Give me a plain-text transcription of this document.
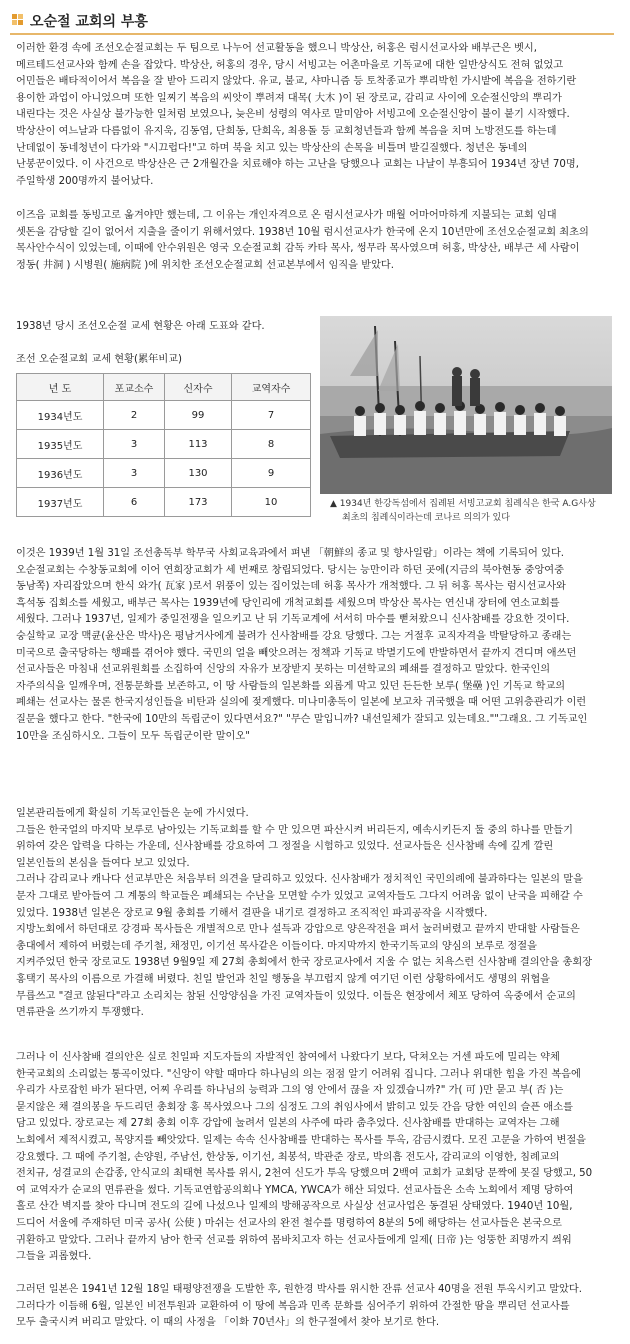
오순절 교회의 부흥

이러한 환경 속에 조선오순절교회는 두 팀으로 나누어 선교활동을 했으니 박상산, 허홍은 럼시선교사와 배부근은 벳시,

메르테드선교사와 함께 손을 잡았다. 박상산, 허홍의 경우, 당시 서빙고는 어촌마을로 기독교에 대한 일반상식도 전혀 없었고

어민들은 배타적이어서 복음을 잘 받아 드리지 않았다. 유교, 불교, 샤마니즘 등 토착종교가 뿌리박힌 가시밭에 복음을 전하기란

용이한 과업이 아니었으며 또한 일찌기 복음의 씨앗이 뿌려져 대목( 大木 )이 된 장로교, 감리교 사이에 오순절신앙의 뿌리가

내린다는 것은 사실상 불가능한 일처럼 보였으나, 늦은비 성령의 역사로 말미암아 서빙고에 오순절신앙이 불이 붙기 시작했다.

박상산이 여느날과 다름없이 유지욱, 김동엽, 단희동, 단희옥, 최용돌 등 교회청년들과 함께 복음을 치며 노방전도를 하는데

난데없이 동네청년이 다가와 "시끄럽다!"고 하며 북을 치고 있는 박상산의 손목을 비틀며 발길질했다. 청년은 동네의

난봉꾼이었다. 이 사건으로 박상산은 근 2개월간을 치료해야 하는 고난을 당했으나 교회는 나날이 부흥되어 1934년 장년 70명,

주일학생 200명까지 불어났다.

이즈음 교회를 동빙고로 옮겨야만 했는데, 그 이유는 개인자격으로 온 럼시선교사가 매월 어마어마하게 지불되는 교회 임대

셋돈을 감당할 길이 없어서 지출을 줄이기 위해서였다. 1938년 10월 럼시선교사가 한국에 온지 10년만에 조선오순절교회 최초의

목사안수식이 있었는데, 이때에 안수위원은 영국 오순절교회 감독 카타 목사, 썽무라 목사였으며 허홍, 박상산, 배부근 세 사람이

정동( 井洞 ) 시병원( 施病院 )에 위치한 조선오순절교회 선교본부에서 임직을 받았다.

1938년 당시 조선오순절 교세 현황은 아래 도표와 같다.
조선 오순절교회 교세 현황(累年비교)
년 도	포교소수	신자수	교역자수
1934년도	2	99	7
1935년도	3	113	8
1936년도	3	130	9
1937년도	6	173	10	▲ 1934년 한강독섬에서 집례된 서빙고교회 침례식은 한국 A.G사상

최초의 침례식이라는데 코나르 의의가 있다

이것은 1939년 1월 31일 조선총독부 학무국 사회교육과에서 펴낸 「朝鮮의 종교 및 향사일람」이라는 책에 기록되어 있다.

오순절교회는 수창동교회에 이어 연희장교회가 세 번째로 창립되었다. 당시는 능만이라 하던 곳에(지금의 북아현동 중앙여중

동남쪽) 자리잡았으며 한식 와가( 瓦家 )로서 위풍이 있는 집이었는데 허홍 목사가 개척했다. 그 뒤 허홍 목사는 럼시선교사와

흑석동 집회소를 세웠고, 배부근 목사는 1939년에 당인리에 개척교회를 세웠으며 박상산 목사는 연신내 장터에 연소교회를

세웠다. 그러나 1937년, 일제가 중일전쟁을 일으키고 난 뒤 기독교계에 서서히 마수를 뻗쳐왔으니 신사참배를 강요한 것이다.

숭실학교 교장 맥큔(윤산은 박사)은 평남거사에게 불려가 신사참배를 강요 당했다. 그는 거절후 교직자격을 박탈당하고 종래는

미국으로 출국당하는 행패를 겪어야 했다. 국민의 얼을 빼앗으려는 정책과 기독교 박멸기도에 반발하면서 끝까지 견디며 애쓰던

선교사들은 마침내 선교위원회를 소집하여 신앙의 자유가 보장받지 못하는 미션학교의 폐쇄를 결정하고 말았다. 한국인의

자주의식을 일깨우며, 전통문화를 보존하고, 이 땅 사람들의 일본화를 외롭게 막고 있던 든든한 보루( 堡壘 )인 기독교 학교의

폐쇄는 선교사는 물론 한국지성인들을 비탄과 실의에 젖게했다. 미나미총독이 일본에 보고차 귀국했을 때 어떤 고위층관리가 이런

질문을 했다고 한다. "한국에 10만의 독립군이 있다면서요?" "무슨 말입니까? 내선일체가 잘되고 있는데요.""그래요. 그 기독교인

10만을 조심하시오. 그들이 모두 독립군이란 말이오"

일본관리들에게 확실히 기독교인들은 눈에 가시였다.

그들은 한국얼의 마지막 보루로 남아있는 기독교회를 할 수 만 있으면 파산시켜 버리든지, 예속시키든지 둘 중의 하나를 만들기

위하여 갖은 압력을 다하는 가운데, 신사참배를 강요하여 그 정절을 시험하고 있었다. 선교사들은 신사참배 속에 깊게 깔린

일본인들의 본심을 들여다 보고 있었다.

그러나 감리교나 캐나다 선교부만은 처음부터 의견을 달리하고 있었다. 신사참배가 정치적인 국민의례에 불과하다는 일본의 말을

문자 그대로 받아들여 그 계통의 학교들은 폐쇄되는 수난을 모면할 수가 있었고 교역자들도 그다지 어려움 없이 난국을 피해갈 수

있었다. 1938년 일본은 장로교 9월 총회를 기해서 결판을 내기로 결정하고 조직적인 파괴공작을 시작했다.

지방노회에서 하던대로 강경파 목사들은 개별적으로 만나 설득과 강압으로 양은작전을 펴서 눌러버렸고 끝까지 반대할 사람들은

총대에서 제하여 버렸는데 주기철, 채정민, 이기선 목사같은 이들이다. 마지막까지 한국기독교의 양심의 보루로 정절을

지켜주었던 한국 장로교도 1938년 9월9일 제 27회 총회에서 한국 장로교사에서 지울 수 없는 치욕스런 신사참배 결의안을 총회장

홍택기 목사의 이름으로 가결해 버렸다. 친일 발언과 친일 행동을 부끄럽지 않게 여기던 이런 상황하에서도 생명의 위협을

무릅쓰고 "결코 않된다"라고 소리치는 참된 신앙양심을 가진 교역자들이 있었다. 이들은 현장에서 체포 당하여 옥중에서 순교의

면류관을 쓰기까지 투쟁했다.

그러나 이 신사참배 결의안은 실로 친일파 지도자들의 자발적인 참여에서 나왔다기 보다, 닥쳐오는 거센 파도에 밀리는 약체

한국교회의 소리없는 통곡이었다. "신앙이 약할 때마다 하나님의 의는 점점 알기 어려워 집니다. 그러나 위대한 힘을 가진 복음에

우리가 사로잡힌 바가 된다면, 어찌 우리를 하나님의 능력과 그의 영 안에서 끊을 자 있겠습니까?" 가( 可 )만 묻고 부( 否 )는

묻지않은 채 결의봉을 두드리던 총회장 홍 목사였으나 그의 심정도 그의 취임사에서 밝히고 있듯 간음 당한 여인의 슬픈 애소를

담고 있었다. 장로교는 제 27회 총회 이후 강압에 눌려서 일본의 사주에 따라 춤추었다. 신사참배를 반대하는 교역자는 그해

노회에서 제적시켰고, 목양지를 빼앗았다. 일제는 속속 신사참배를 반대하는 목사를 투옥, 감금시켰다. 모진 고문을 가하여 변절을

강요했다. 그 때에 주기철, 손양원, 주남선, 한상동, 이기선, 최봉석, 박관준 장로, 박의흠 전도사, 감리교의 이영한, 침례교의

전치규, 성결교의 손갑종, 안식교의 최태현 목사를 위시, 2천여 신도가 투옥 당했으며 2백여 교회가 교회당 문짝에 못질 당했고, 50

여 교역자가 순교의 면류관을 썼다. 기독교연합공의회나 YMCA, YWCA가 해산 되었다. 선교사들은 소속 노회에서 제명 당하여

홀로 산간 벽지를 찾아 다니며 전도의 길에 나섰으나 일제의 방해공작으로 사실상 선교사업은 동결된 상태였다. 1940년 10월,

드디어 서울에 주재하던 미국 공사( 公使 ) 마쉬는 선교사의 완전 철수를 명령하여 8분의 5에 해당하는 선교사들은 본국으로

귀환하고 말았다. 그러나 끝까지 남아 한국 선교를 위하여 몸바치고자 하는 선교사들에게 일제( 日帝 )는 엉뚱한 죄명까지 씌워

그들을 괴롭혔다.

그러던 일본은 1941년 12월 18일 태평양전쟁을 도발한 후, 원한경 박사를 위시한 잔류 선교사 40명을 전원 투옥시키고 말았다.

그러다가 이듬해 6월, 일본인 비전투원과 교환하여 이 땅에 복음과 민족 문화를 심어주기 위하여 간절한 땀을 뿌리던 선교사를

모두 출국시켜 버리고 말았다. 이 때의 사정을 「이화 70년사」의 한구절에서 찾아 보기로 한다.
